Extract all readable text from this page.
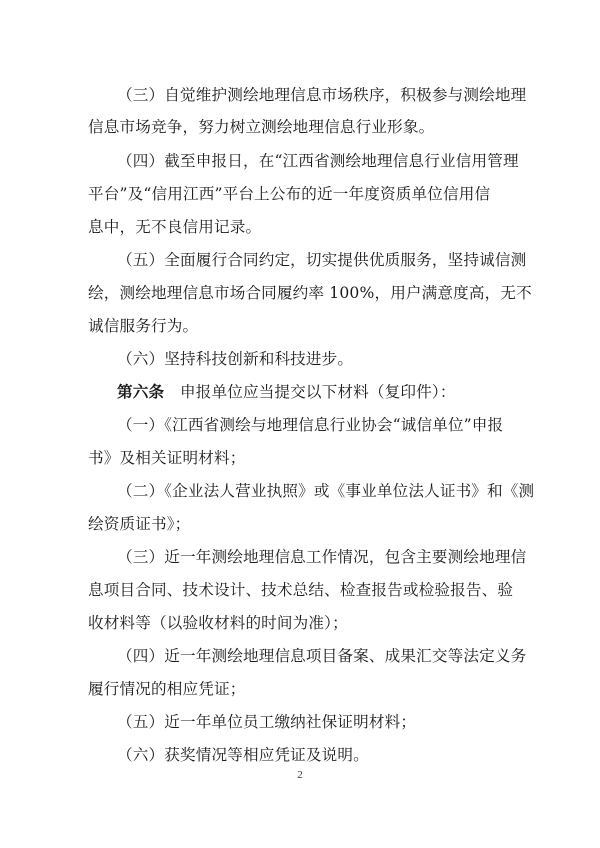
（三）自觉维护测绘地理信息市场秩序，积极参与测绘地理
信息市场竞争，努力树立测绘地理信息行业形象。
（四）截至申报日，在“江西省测绘地理信息行业信用管理
平台”及“信用江西”平台上公布的近一年度资质单位信用信
息中，无不良信用记录。
（五）全面履行合同约定，切实提供优质服务，坚持诚信测
绘，测绘地理信息市场合同履约率 100%，用户满意度高，无不
诚信服务行为。
（六）坚持科技创新和科技进步。
第六条　 申报单位应当提交以下材料（复印件）：
（一）《江西省测绘与地理信息行业协会“诚信单位”申报
书》及相关证明材料；
（二）《企业法人营业执照》或《事业单位法人证书》和《测
绘资质证书》；
（三）近一年测绘地理信息工作情况，包含主要测绘地理信
息项目合同、技术设计、技术总结、检查报告或检验报告、验
收材料等（以验收材料的时间为准）；
（四）近一年测绘地理信息项目备案、成果汇交等法定义务
履行情况的相应凭证；
（五）近一年单位员工缴纳社保证明材料；
（六）获奖情况等相应凭证及说明。
2
